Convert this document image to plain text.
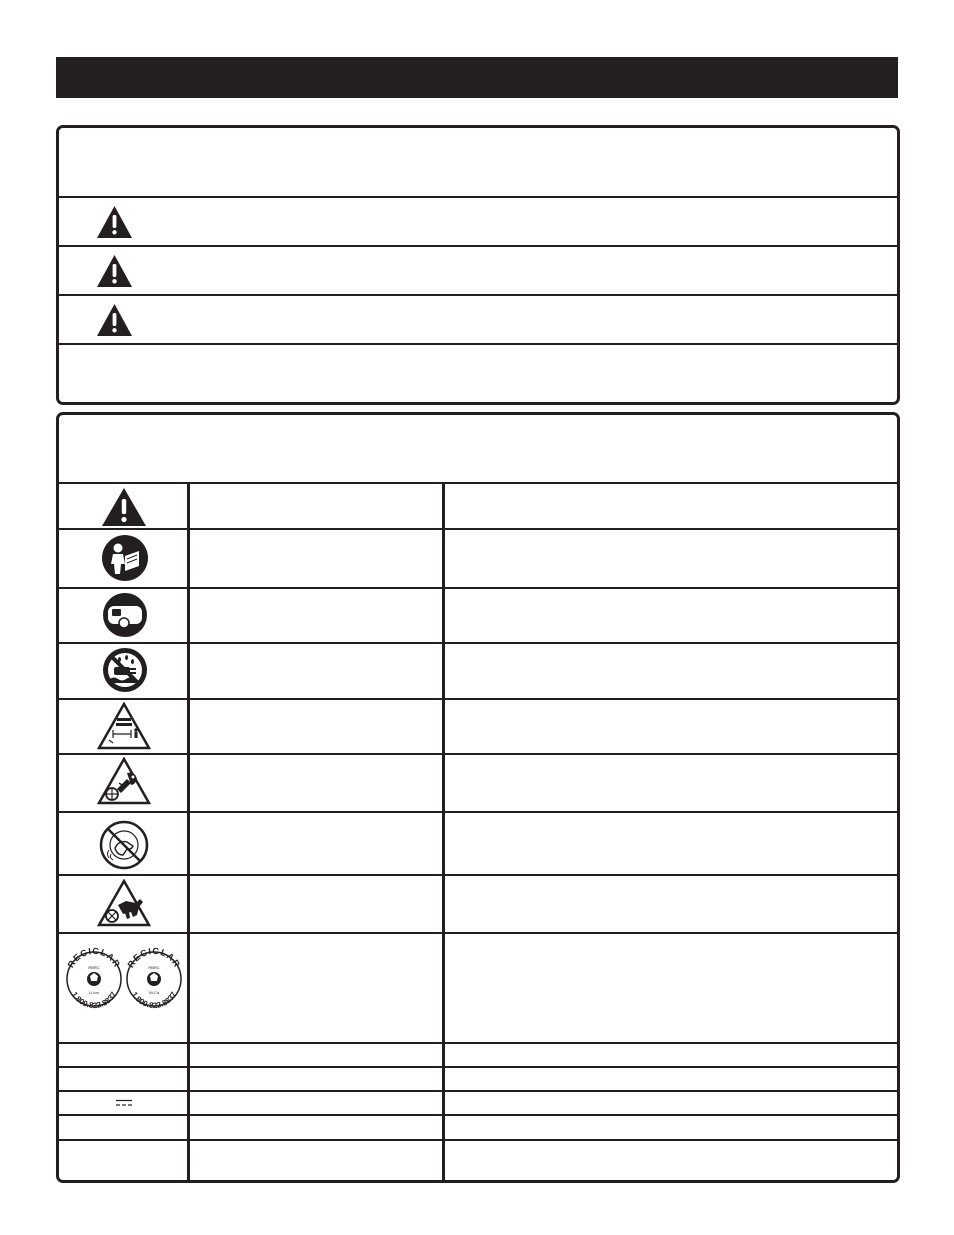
RECICLAR
1.800.822.8837
RBRC
Li-ion
RECICLAR
1.800.822.8837
RBRC
Ni-Cd
